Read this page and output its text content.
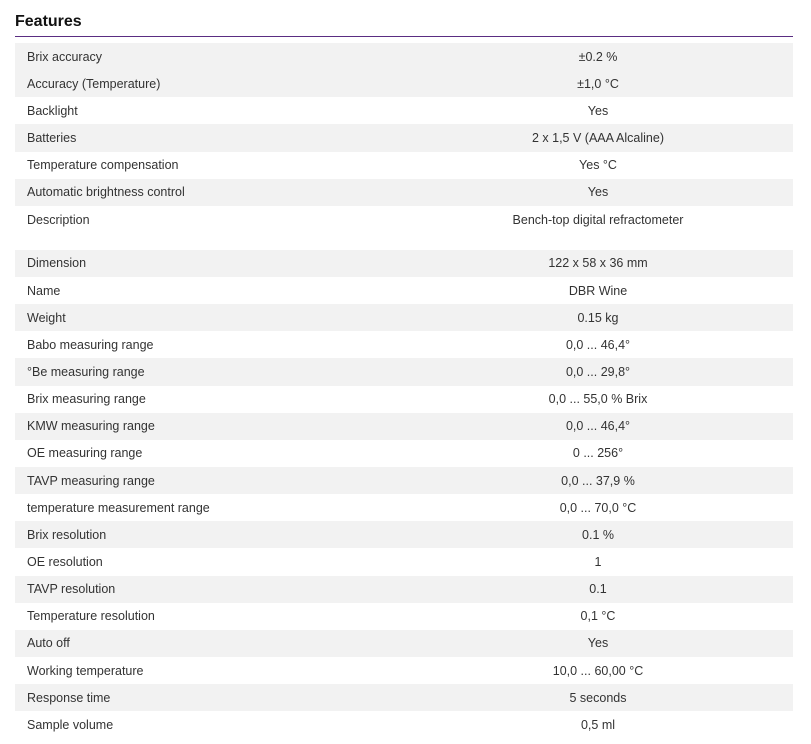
Features
Brix accuracy	±0.2 %
Accuracy (Temperature)	±1,0 °C
Backlight	Yes
Batteries	2 x 1,5 V (AAA Alcaline)
Temperature compensation	Yes °C
Automatic brightness control	Yes
Description	Bench-top digital refractometer
Dimension	122 x 58 x 36 mm
Name	DBR Wine
Weight	0.15 kg
Babo measuring range	0,0 ... 46,4°
°Be measuring range	0,0 ... 29,8°
Brix measuring range	0,0 ... 55,0 % Brix
KMW measuring range	0,0 ... 46,4°
OE measuring range	0 ... 256°
TAVP measuring range	0,0 ... 37,9 %
temperature measurement range	0,0 ... 70,0 °C
Brix resolution	0.1 %
OE resolution	1
TAVP resolution	0.1
Temperature resolution	0,1 °C
Auto off	Yes
Working temperature	10,0 ... 60,00 °C
Response time	5 seconds
Sample volume	0,5 ml
